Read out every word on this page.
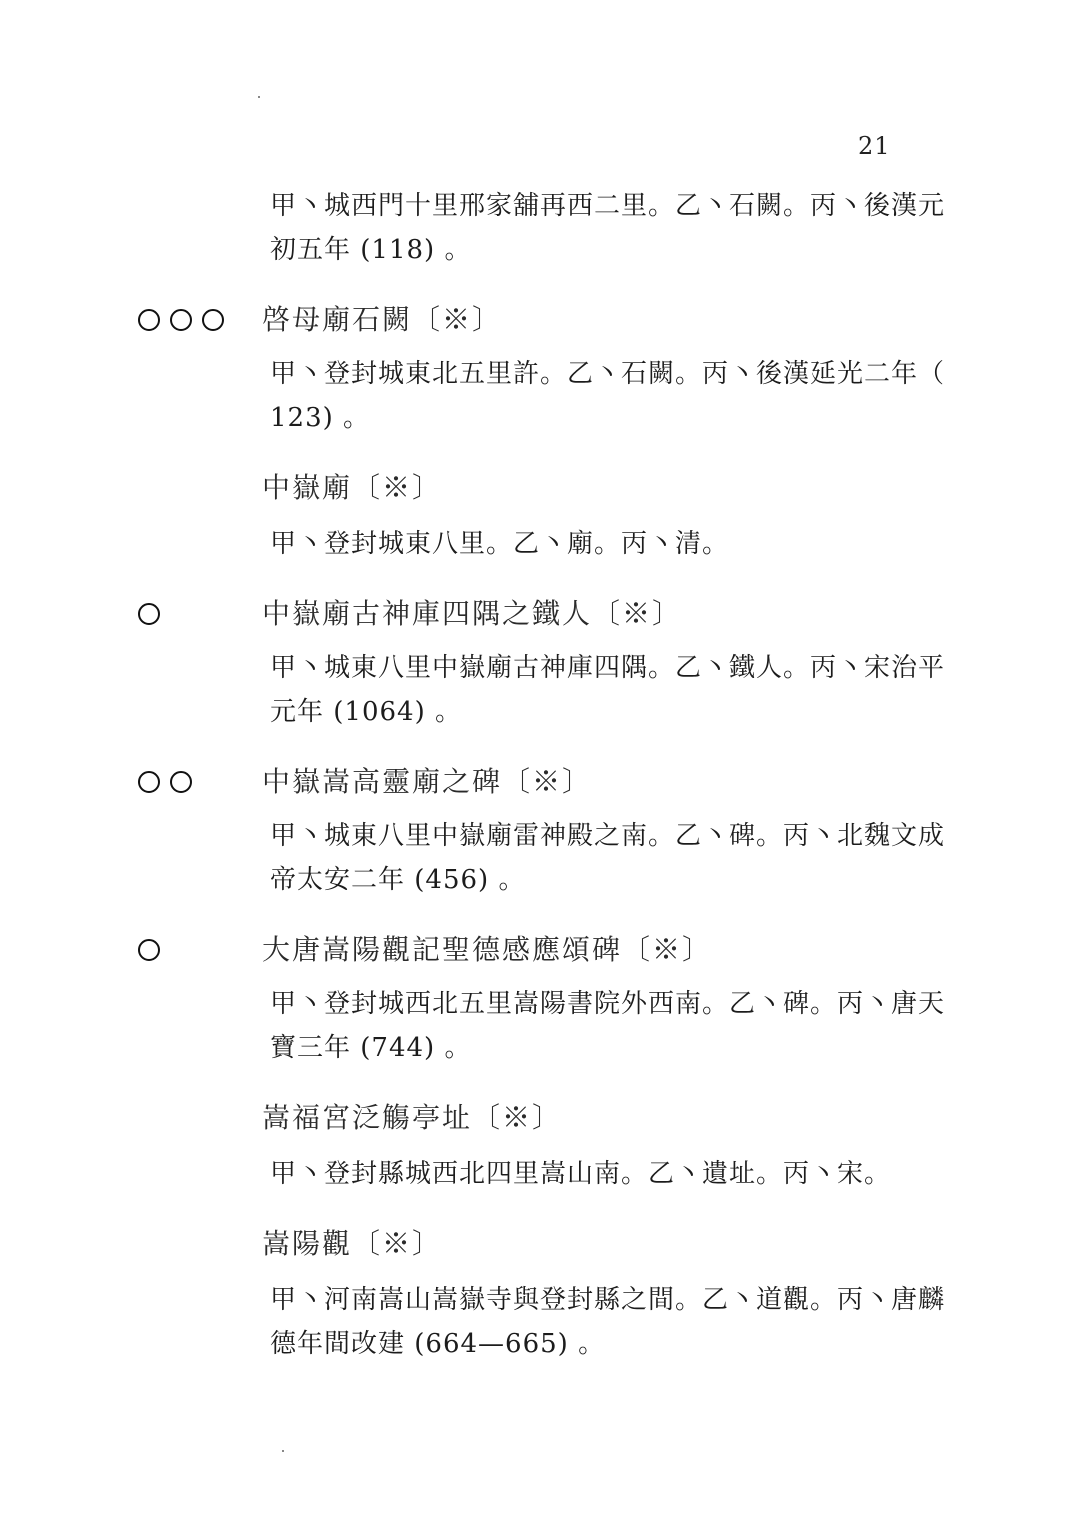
21
甲丶城西門十里邢家舖再西二里。乙丶石闕。丙丶後漢元
初五年 (118) 。
啓母廟石闕〔※〕
甲丶登封城東北五里許。乙丶石闕。丙丶後漢延光二年（
123) 。
中嶽廟〔※〕
甲丶登封城東八里。乙丶廟。丙丶清。
中嶽廟古神庫四隅之鐵人〔※〕
甲丶城東八里中嶽廟古神庫四隅。乙丶鐵人。丙丶宋治平
元年 (1064) 。
中嶽嵩高靈廟之碑〔※〕
甲丶城東八里中嶽廟雷神殿之南。乙丶碑。丙丶北魏文成
帝太安二年 (456) 。
大唐嵩陽觀記聖德感應頌碑〔※〕
甲丶登封城西北五里嵩陽書院外西南。乙丶碑。丙丶唐天
寶三年 (744) 。
嵩福宮泛觴亭址〔※〕
甲丶登封縣城西北四里嵩山南。乙丶遺址。丙丶宋。
嵩陽觀〔※〕
甲丶河南嵩山嵩嶽寺與登封縣之間。乙丶道觀。丙丶唐麟
德年間改建 (664—665) 。
